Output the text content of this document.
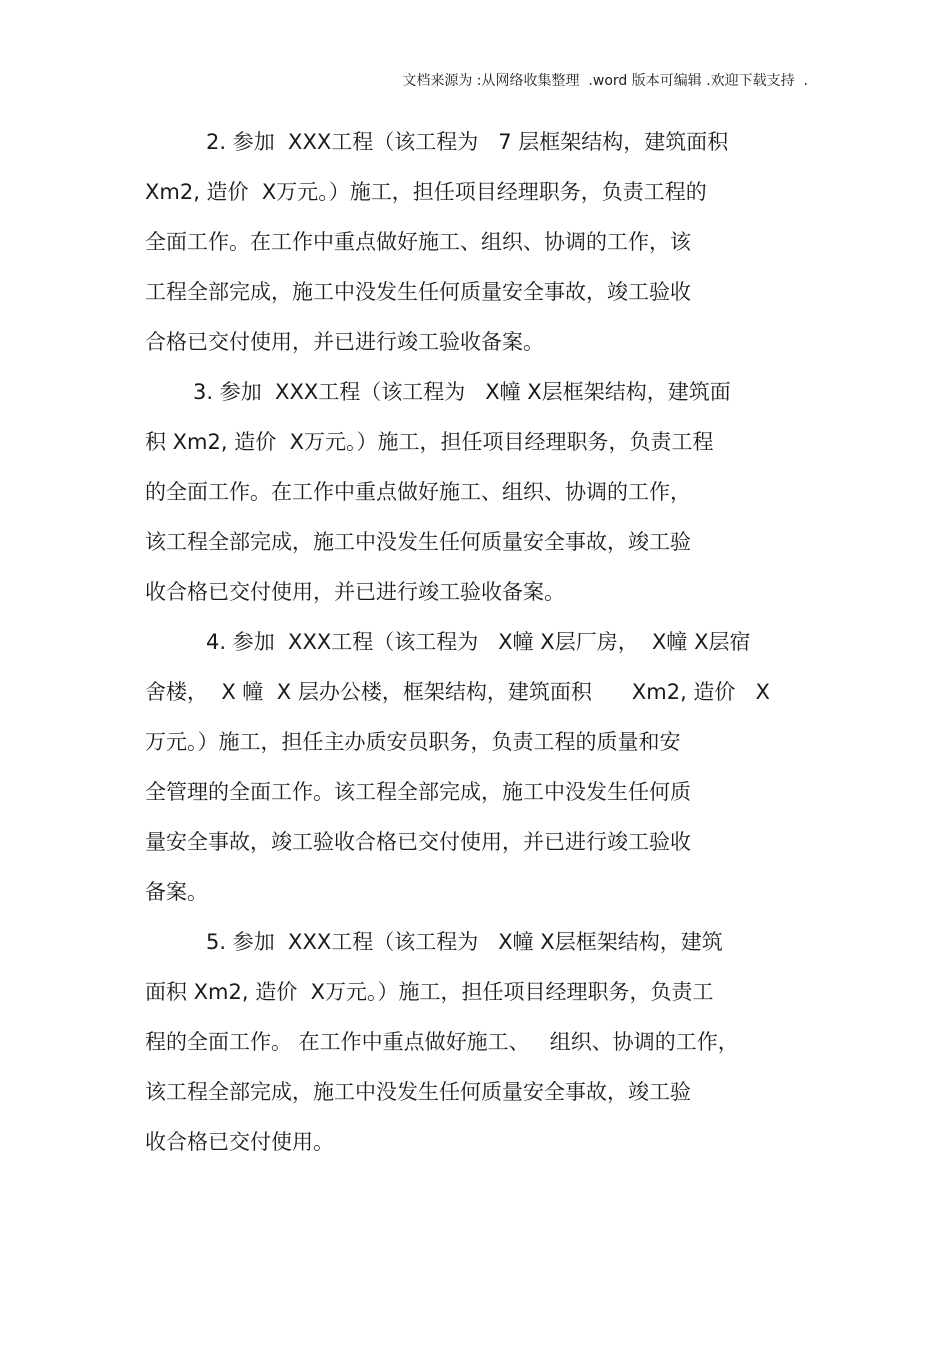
文档来源为 :从网络收集整理  .word 版本可编辑 .欢迎下载支持  .
2. 参加  XXX工程（该工程为   7 层框架结构，建筑面积
Xm2, 造价  X万元。）施工，担任项目经理职务，负责工程的
全面工作。在工作中重点做好施工、组织、协调的工作，该
工程全部完成，施工中没发生任何质量安全事故，竣工验收
合格已交付使用，并已进行竣工验收备案。
3. 参加  XXX工程（该工程为   X幢 X层框架结构，建筑面
积 Xm2, 造价  X万元。）施工，担任项目经理职务，负责工程
的全面工作。在工作中重点做好施工、组织、协调的工作，
该工程全部完成，施工中没发生任何质量安全事故，竣工验
收合格已交付使用，并已进行竣工验收备案。
4. 参加  XXX工程（该工程为   X幢 X层厂房，  X幢 X层宿
舍楼，  X 幢  X 层办公楼，框架结构，建筑面积      Xm2, 造价   X
万元。）施工，担任主办质安员职务，负责工程的质量和安
全管理的全面工作。该工程全部完成，施工中没发生任何质
量安全事故，竣工验收合格已交付使用，并已进行竣工验收
备案。
5. 参加  XXX工程（该工程为   X幢 X层框架结构，建筑
面积 Xm2, 造价  X万元。）施工，担任项目经理职务，负责工
程的全面工作。 在工作中重点做好施工、   组织、协调的工作，
该工程全部完成，施工中没发生任何质量安全事故，竣工验
收合格已交付使用。
